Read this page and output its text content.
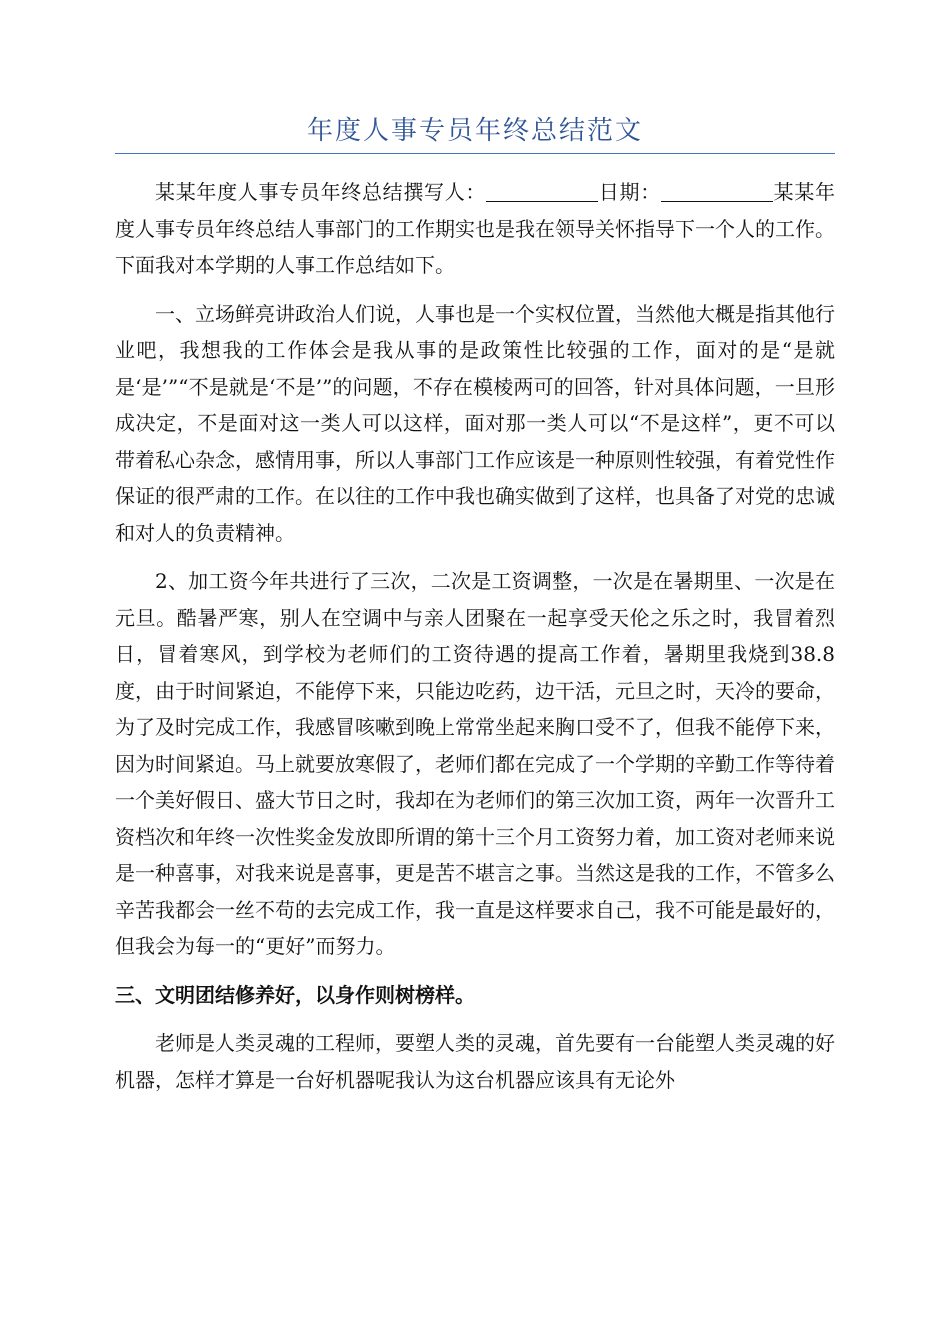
年度人事专员年终总结范文

某某年度人事专员年终总结撰写人：	日期：	某某年度人事专员年终总结人事部门的工作期实也是我在领导关怀指导下一个人的工作。下面我对本学期的人事工作总结如下。

一、立场鲜亮讲政治人们说，人事也是一个实权位置，当然他大概是指其他行业吧，我想我的工作体会是我从事的是政策性比较强的工作，面对的是“是就是‘是’”“不是就是‘不是’”的问题，不存在模棱两可的回答，针对具体问题，一旦形成决定，不是面对这一类人可以这样，面对那一类人可以“不是这样”，更不可以带着私心杂念，感情用事，所以人事部门工作应该是一种原则性较强，有着党性作保证的很严肃的工作。在以往的工作中我也确实做到了这样，也具备了对党的忠诚和对人的负责精神。

2、加工资今年共进行了三次，二次是工资调整，一次是在暑期里、一次是在元旦。酷暑严寒，别人在空调中与亲人团聚在一起享受天伦之乐之时，我冒着烈日，冒着寒风，到学校为老师们的工资待遇的提高工作着，暑期里我烧到38.8度，由于时间紧迫，不能停下来，只能边吃药，边干活，元旦之时，天冷的要命，为了及时完成工作，我感冒咳嗽到晚上常常坐起来胸口受不了，但我不能停下来，因为时间紧迫。马上就要放寒假了，老师们都在完成了一个学期的辛勤工作等待着一个美好假日、盛大节日之时，我却在为老师们的第三次加工资，两年一次晋升工资档次和年终一次性奖金发放即所谓的第十三个月工资努力着，加工资对老师来说是一种喜事，对我来说是喜事，更是苦不堪言之事。当然这是我的工作，不管多么辛苦我都会一丝不苟的去完成工作，我一直是这样要求自己，我不可能是最好的，但我会为每一的“更好”而努力。

三、文明团结修养好，以身作则树榜样。

老师是人类灵魂的工程师，要塑人类的灵魂，首先要有一台能塑人类灵魂的好机器，怎样才算是一台好机器呢我认为这台机器应该具有无论外
